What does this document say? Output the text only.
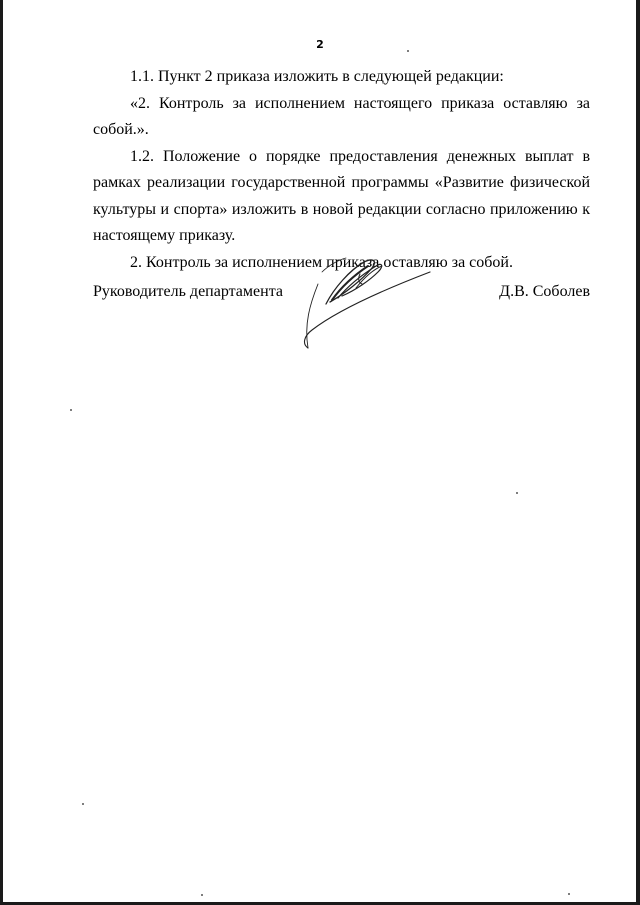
2

1.1. Пункт 2 приказа изложить в следующей редакции:

«2. Контроль за исполнением настоящего приказа оставляю за собой.».

1.2. Положение о порядке предоставления денежных выплат в рамках реализации государственной программы «Развитие физической культуры и спорта» изложить в новой редакции согласно приложению к настоящему приказу.

2. Контроль за исполнением приказа оставляю за собой.

Руководитель департамента	Д.В. Соболев
